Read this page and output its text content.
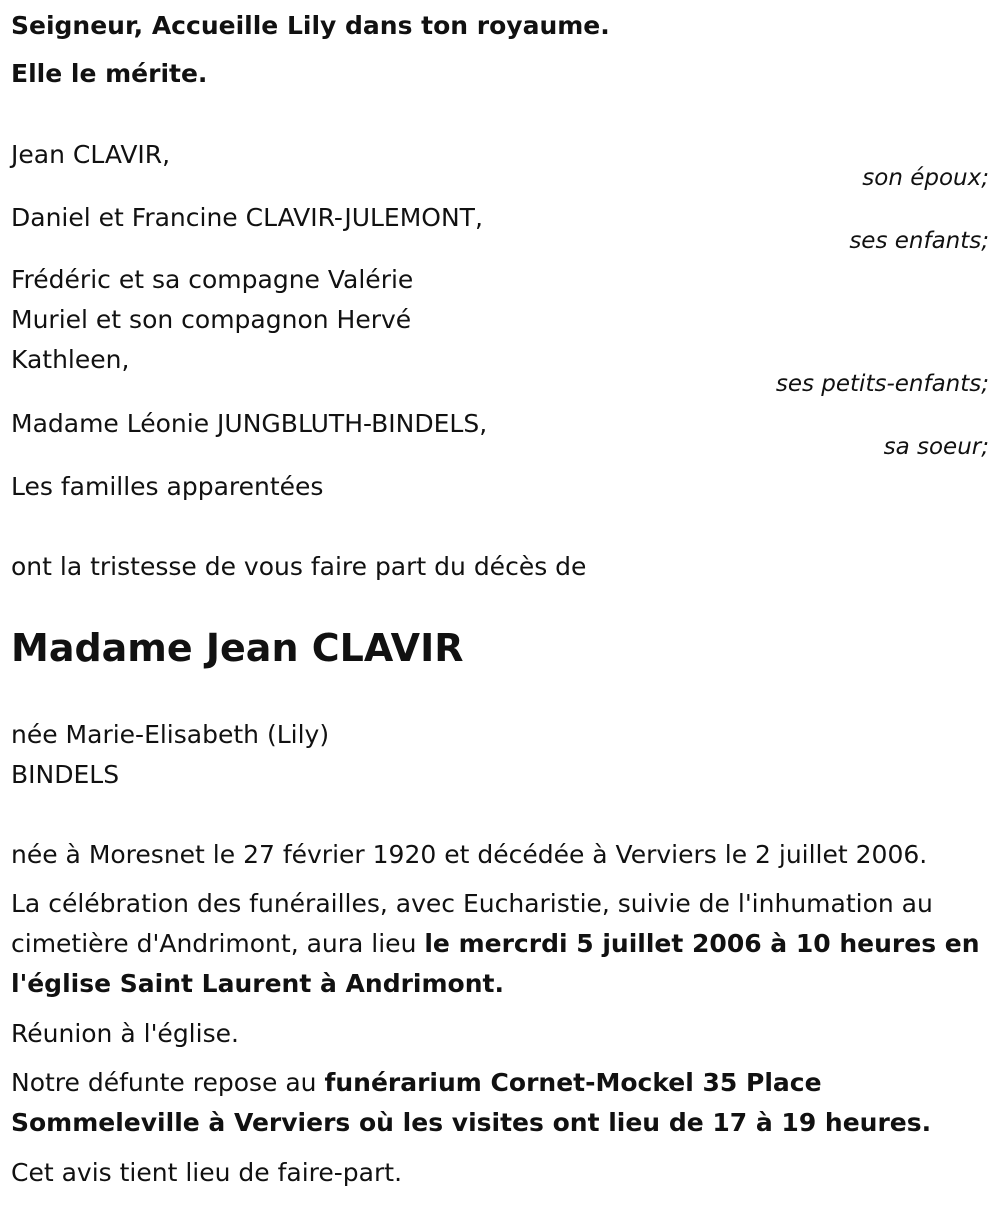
Seigneur, Accueille Lily dans ton royaume.
Elle le mérite.
Jean CLAVIR,
son époux;
Daniel et Francine CLAVIR-JULEMONT,
ses enfants;
Frédéric et sa compagne Valérie
Muriel et son compagnon Hervé
Kathleen,
ses petits-enfants;
Madame Léonie JUNGBLUTH-BINDELS,
sa soeur;
Les familles apparentées
ont la tristesse de vous faire part du décès de
Madame Jean CLAVIR
née Marie-Elisabeth (Lily)
BINDELS
née à Moresnet le 27 février 1920 et décédée à Verviers le 2 juillet 2006.
La célébration des funérailles, avec Eucharistie, suivie de l'inhumation au cimetière d'Andrimont, aura lieu le mercrdi 5 juillet 2006 à 10 heures en l'église Saint Laurent à Andrimont.
Réunion à l'église.
Notre défunte repose au funérarium Cornet-Mockel 35 Place Sommeleville à Verviers où les visites ont lieu de 17 à 19 heures.
Cet avis tient lieu de faire-part.
